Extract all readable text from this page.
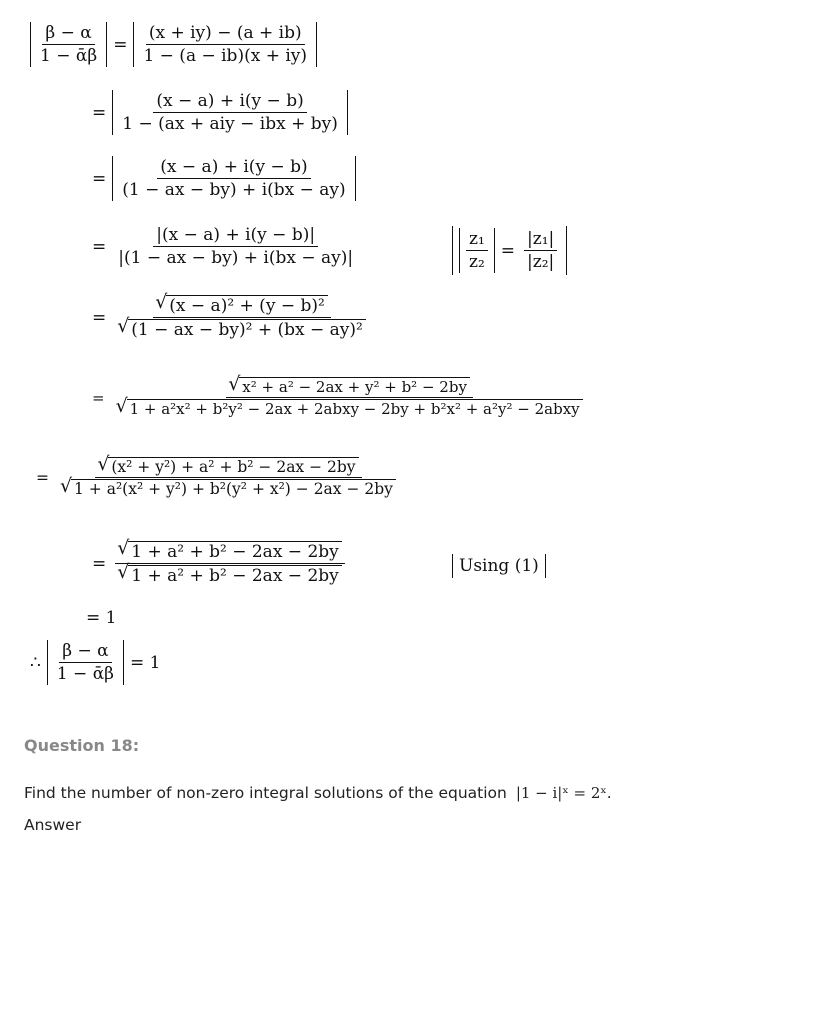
$\frac{\beta - \alpha}{\text{1 − ᾱβ}} = \frac{(x + iy) - (a + ib)}{1 - (a - ib)(x + iy)}$
= $\frac{(x - a) + i(y - b)}{\text{1 − (ax + aiy − ibx + by)}}$
= $\frac{(x - a) + i(y - b)}{(1 - ax - by) + i(bx - ay)}$
= $\frac{|(x - a) + i(y - b)|}{|(1 - ax - by) + i(bx - ay)|}$	$\frac{\text{z₁}}{\text{z₂}} = \frac{\text{|z₁|}}{\text{|z₂|}}$
= √ (x − a)² + (y − b)²
√ (1 − ax − by)² + (bx − ay)²
= √ x² + a² − 2ax + y² + b² − 2by
√ 1 + a²x² + b²y² − 2ax + 2abxy − 2by + b²x² + a²y² − 2abxy
= √ (x² + y²) + a² + b² − 2ax − 2by
√ 1 + a²(x² + y²) + b²(y² + x²) − 2ax − 2by
= √ 1 + a² + b² − 2ax − 2by
√ 1 + a² + b² − 2ax − 2by	Using (1)
= 1
∴ $\frac{\beta - \alpha}{\text{1 − ᾱβ}} = 1$
Question 18:
Find the number of non-zero integral solutions of the equation |1 − i|ˣ = 2ˣ.
Answer
